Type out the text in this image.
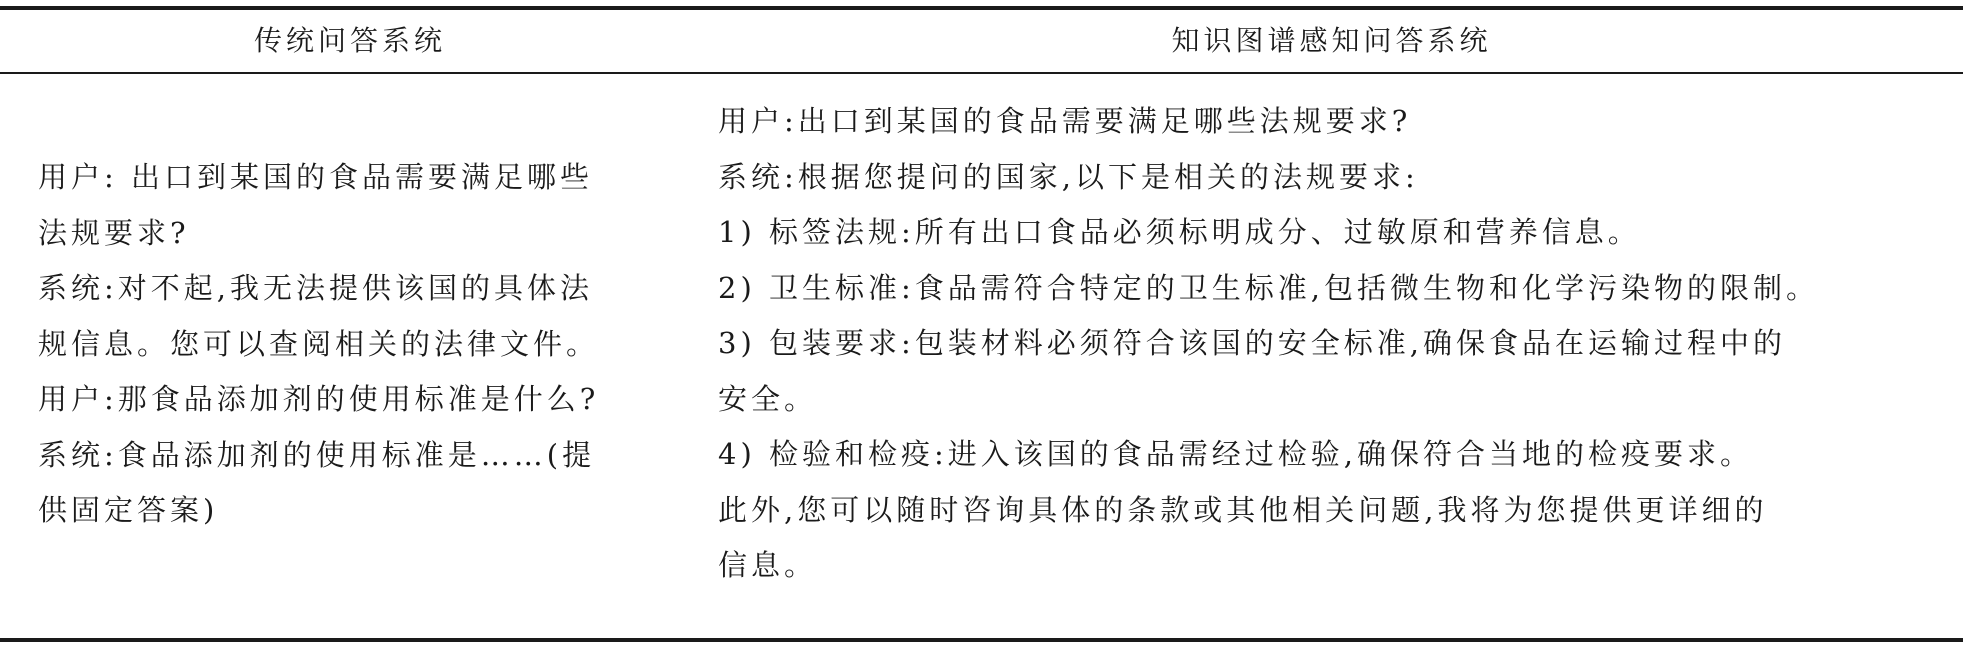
传统问答系统	知识图谱感知问答系统
用户: 出口到某国的食品需要满足哪些
法规要求?
系统:对不起,我无法提供该国的具体法
规信息。您可以查阅相关的法律文件。
用户:那食品添加剂的使用标准是什么?
系统:食品添加剂的使用标准是……(提
供固定答案)
用户:出口到某国的食品需要满足哪些法规要求?
系统:根据您提问的国家,以下是相关的法规要求:
1) 标签法规:所有出口食品必须标明成分、过敏原和营养信息。
2) 卫生标准:食品需符合特定的卫生标准,包括微生物和化学污染物的限制。
3) 包装要求:包装材料必须符合该国的安全标准,确保食品在运输过程中的
安全。
4) 检验和检疫:进入该国的食品需经过检验,确保符合当地的检疫要求。
此外,您可以随时咨询具体的条款或其他相关问题,我将为您提供更详细的
信息。
